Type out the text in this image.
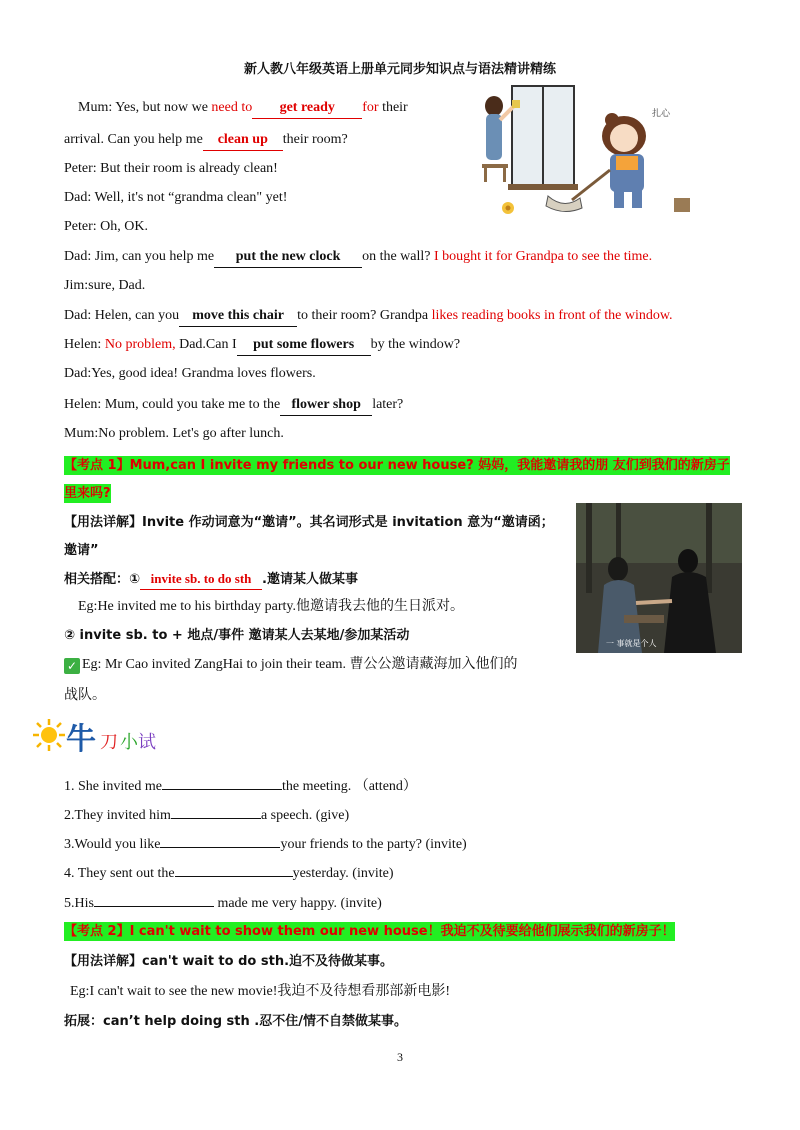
新人教八年级英语上册单元同步知识点与语法精讲精练
扎心
Mum: Yes, but now we need to get ready for their
arrival. Can you help me clean up their room?
Peter: But their room is already clean!
Dad: Well, it's not “grandma clean" yet!
Peter: Oh, OK.
Dad: Jim, can you help me put the new clock on the wall? I bought it for Grandpa to see the time.
Jim:sure, Dad.
Dad: Helen, can you move this chair to their room? Grandpa likes reading books in front of the window.
Helen: No problem, Dad.Can I put some flowers by the window?
Dad:Yes, good idea! Grandma loves flowers.
Helen: Mum, could you take me to the flower shop later?
Mum:No problem. Let's go after lunch.
【考点 1】Mum,can I invite my friends to our new house? 妈妈，我能邀请我的朋 友们到我们的新房子
里来吗?
【用法详解】Invite 作动词意为“邀请”。其名词形式是 invitation 意为“邀请函；
邀请”
相关搭配：① invite sb. to do sth .邀请某人做某事
Eg:He invited me to his birthday party.他邀请我去他的生日派对。
② invite sb. to + 地点/事件 邀请某人去某地/参加某活动
✓ Eg: Mr Cao invited ZangHai to join their team. 曹公公邀请藏海加入他们的
战队。
一 事就是个人
牛 刀 小 试
1. She invited me	the meeting. （attend）
2.They invited him	a speech. (give)
3.Would you like	your friends to the party? (invite)
4. They sent out the	yesterday. (invite)
5.His	made me very happy. (invite)
【考点 2】I can't wait to show them our new house！我迫不及待要给他们展示我们的新房子！
【用法详解】can't wait to do sth.迫不及待做某事。
Eg:I can't wait to see the new movie!我迫不及待想看那部新电影!
拓展：can’t help doing sth .忍不住/情不自禁做某事。
3
